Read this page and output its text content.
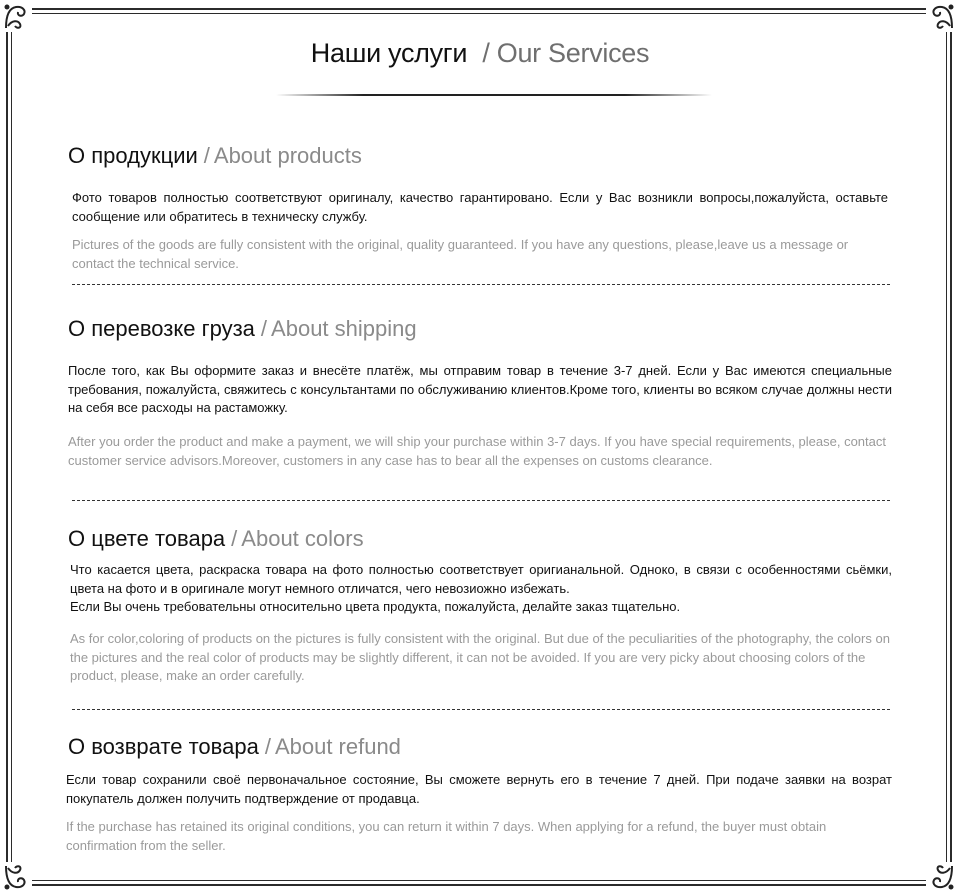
Наши услуги / Our Services
О продукции / About products
Фото товаров полностью соответствуют оригиналу, качество гарантировано. Если у Вас возникли вопросы,пожалуйста, оставьте сообщение или обратитесь в техническу службу.
Pictures of the goods are fully consistent with the original, quality guaranteed. If you have any questions, please,leave us a message or contact the technical service.
О перевозке груза / About shipping
После того, как Вы оформите заказ и внесёте платёж, мы отправим товар в течение 3-7 дней. Если у Вас имеются специальные требования, пожалуйста, свяжитесь с консультантами по обслуживанию клиентов.Кроме того, клиенты во всяком случае должны нести на себя все расходы на растаможку.
After you order the product and make a payment, we will ship your purchase within 3-7 days. If you have special requirements, please, contact customer service advisors.Moreover, customers in any case has to bear all the expenses on customs clearance.
О цвете товара / About colors
Что касается цвета, раскраска товара на фото полностью соответствует оригианальной. Одноко, в связи с особенностями сьёмки, цвета на фото и в оригинале могут немного отличатся, чего невозиожно избежать.
Если Вы очень требовательны относительно цвета продукта, пожалуйста, делайте заказ тщательно.
As for color,coloring of products on the pictures is fully consistent with the original. But due of the peculiarities of the photography, the colors on the pictures and the real color of products may be slightly different, it can not be avoided. If you are very picky about choosing colors of the product, please, make an order carefully.
О возврате товара / About refund
Если товар сохранили своё первоначальное состояние, Вы сможете вернуть его в течение 7 дней. При подаче заявки на возрат покупатель должен получить подтверждение от продавца.
If the purchase has retained its original conditions, you can return it within 7 days. When applying for a refund, the buyer must obtain confirmation from the seller.
